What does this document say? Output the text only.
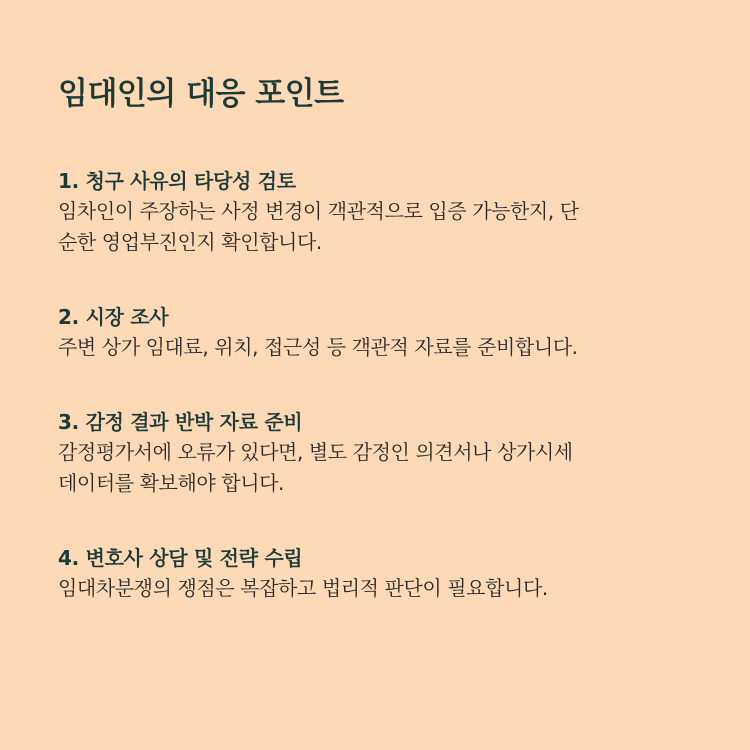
임대인의 대응 포인트

1. 청구 사유의 타당성 검토

임차인이 주장하는 사정 변경이 객관적으로 입증 가능한지, 단

순한 영업부진인지 확인합니다.

2. 시장 조사

주변 상가 임대료, 위치, 접근성 등 객관적 자료를 준비합니다.

3. 감정 결과 반박 자료 준비

감정평가서에 오류가 있다면, 별도 감정인 의견서나 상가시세

데이터를 확보해야 합니다.

4. 변호사 상담 및 전략 수립

임대차분쟁의 쟁점은 복잡하고 법리적 판단이 필요합니다.
